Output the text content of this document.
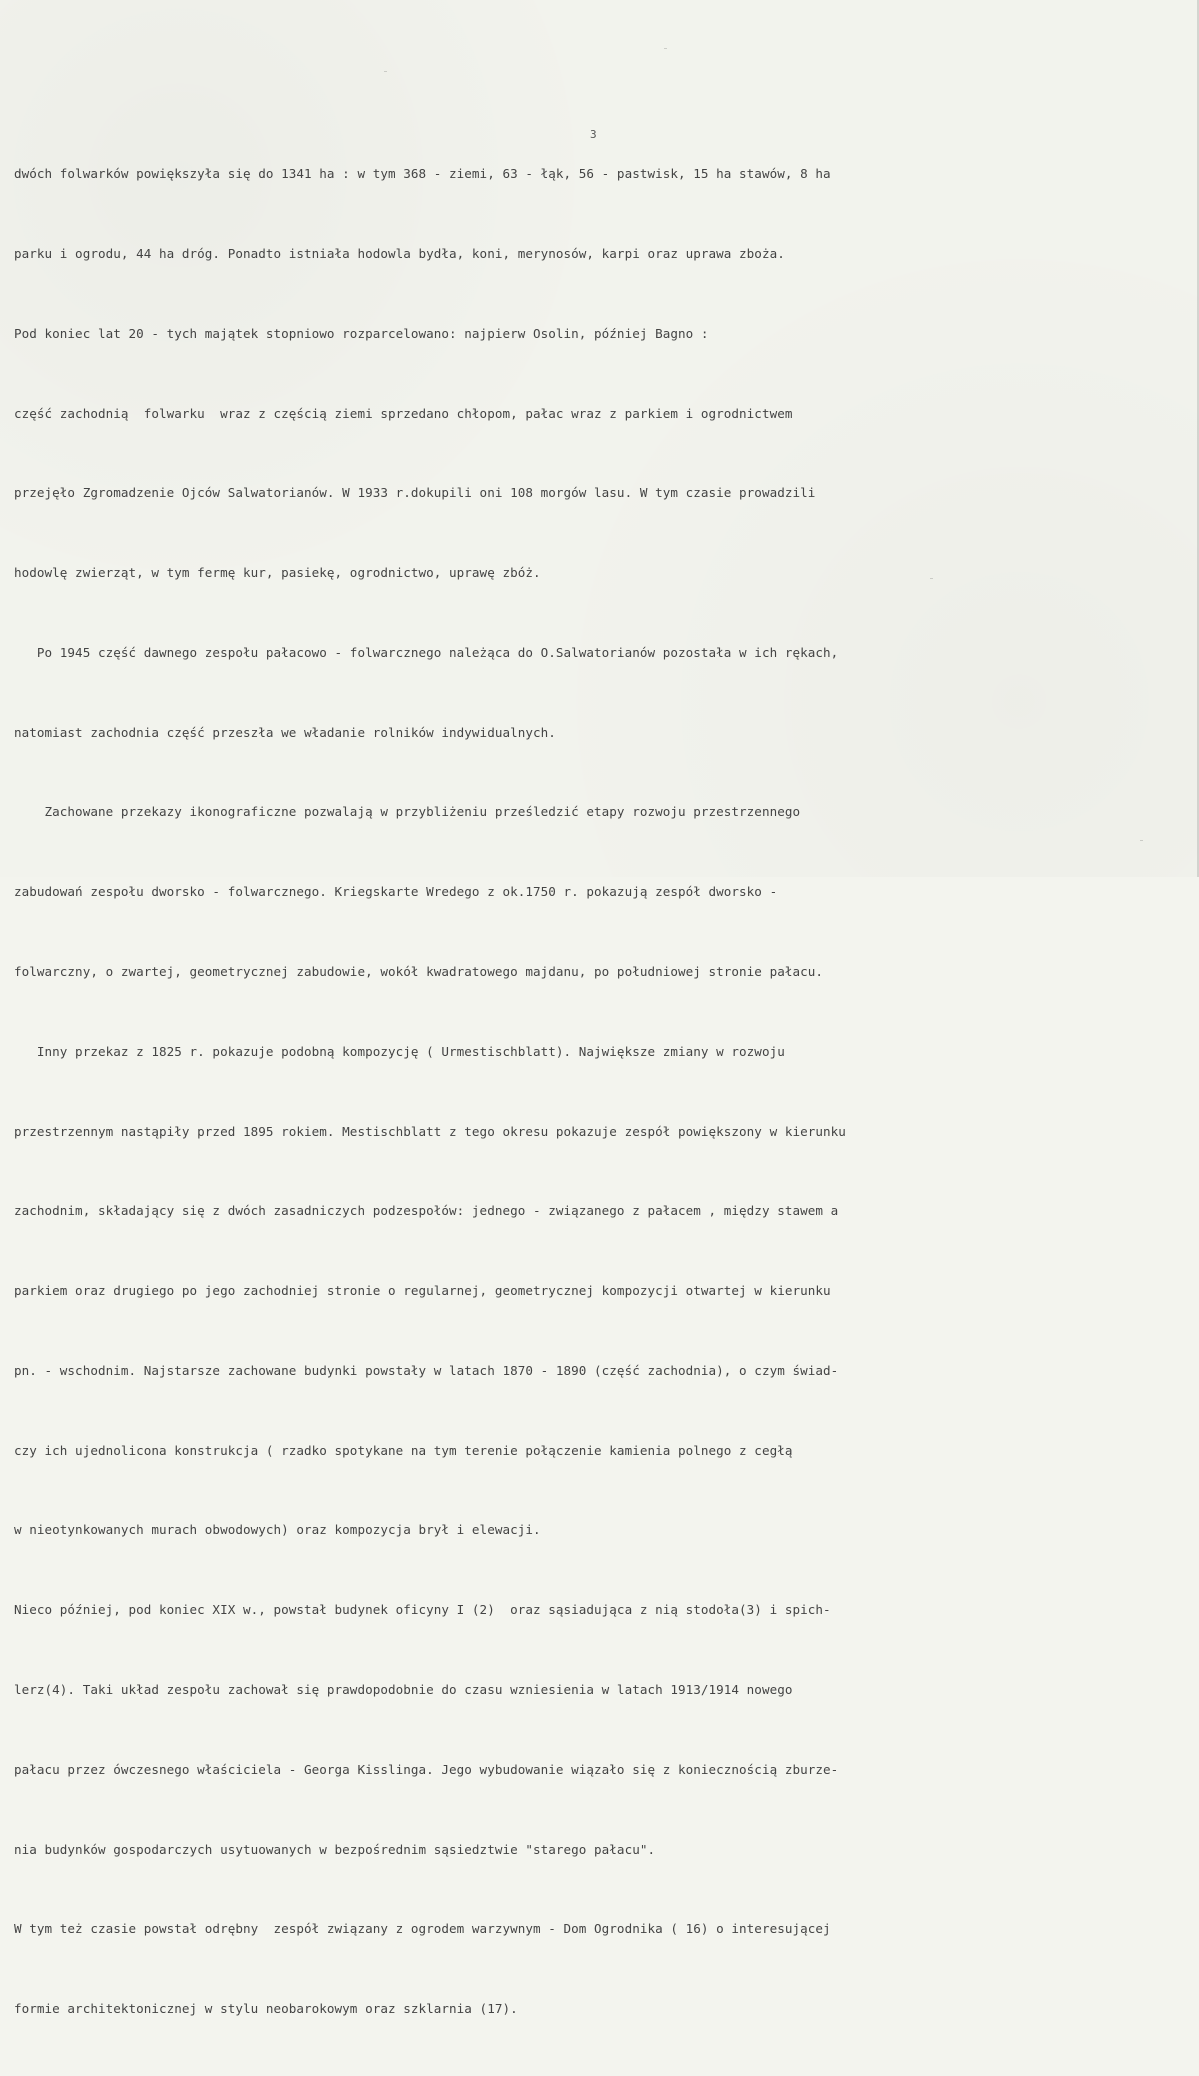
dwóch folwarków powiększyła się do 1341 ha : w tym 368 - ziemi, 63 - łąk, 56 - pastwisk, 15 ha stawów, 8 ha

parku i ogrodu, 44 ha dróg. Ponadto istniała hodowla bydła, koni, merynosów, karpi oraz uprawa zboża.

Pod koniec lat 20 - tych majątek stopniowo rozparcelowano: najpierw Osolin, później Bagno :

część zachodnią  folwarku  wraz z częścią ziemi sprzedano chłopom, pałac wraz z parkiem i ogrodnictwem

przejęło Zgromadzenie Ojców Salwatorianów. W 1933 r.dokupili oni 108 morgów lasu. W tym czasie prowadzili

hodowlę zwierząt, w tym fermę kur, pasiekę, ogrodnictwo, uprawę zbóż.

Po 1945 część dawnego zespołu pałacowo - folwarcznego należąca do O.Salwatorianów pozostała w ich rękach,

natomiast zachodnia część przeszła we władanie rolników indywidualnych.

Zachowane przekazy ikonograficzne pozwalają w przybliżeniu prześledzić etapy rozwoju przestrzennego

zabudowań zespołu dworsko - folwarcznego. Kriegskarte Wredego z ok.1750 r. pokazują zespół dworsko -

folwarczny, o zwartej, geometrycznej zabudowie, wokół kwadratowego majdanu, po południowej stronie pałacu.

Inny przekaz z 1825 r. pokazuje podobną kompozycję ( Urmestischblatt). Największe zmiany w rozwoju

przestrzennym nastąpiły przed 1895 rokiem. Mestischblatt z tego okresu pokazuje zespół powiększony w kierunku

zachodnim, składający się z dwóch zasadniczych podzespołów: jednego - związanego z pałacem , między stawem a

parkiem oraz drugiego po jego zachodniej stronie o regularnej, geometrycznej kompozycji otwartej w kierunku

pn. - wschodnim. Najstarsze zachowane budynki powstały w latach 1870 - 1890 (część zachodnia), o czym świad-

czy ich ujednolicona konstrukcja ( rzadko spotykane na tym terenie połączenie kamienia polnego z cegłą

w nieotynkowanych murach obwodowych) oraz kompozycja brył i elewacji.

Nieco później, pod koniec XIX w., powstał budynek oficyny I (2)  oraz sąsiadująca z nią stodoła(3) i spich-

lerz(4). Taki układ zespołu zachował się prawdopodobnie do czasu wzniesienia w latach 1913/1914 nowego

pałacu przez ówczesnego właściciela - Georga Kisslinga. Jego wybudowanie wiązało się z koniecznością zburze-

nia budynków gospodarczych usytuowanych w bezpośrednim sąsiedztwie "starego pałacu".

W tym też czasie powstał odrębny  zespół związany z ogrodem warzywnym - Dom Ogrodnika ( 16) o interesującej

formie architektonicznej w stylu neobarokowym oraz szklarnia (17).

3
